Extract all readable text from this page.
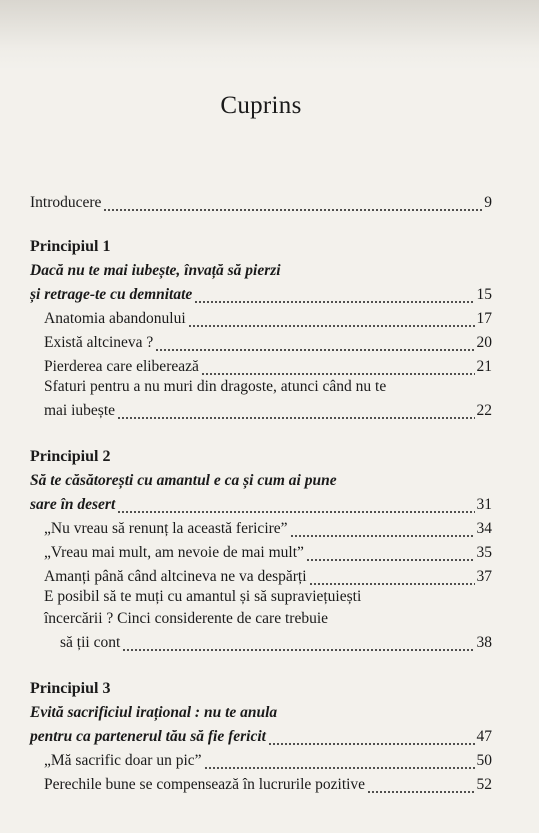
Cuprins
Introducere	9
Principiul 1
Dacă nu te mai iubește, învață să pierzi
și retrage-te cu demnitate	15
Anatomia abandonului	17
Există altcineva ?	20
Pierderea care eliberează	21
Sfaturi pentru a nu muri din dragoste, atunci când nu te
mai iubește	22
Principiul 2
Să te căsătorești cu amantul e ca și cum ai pune
sare în desert	31
„Nu vreau să renunț la această fericire”	34
„Vreau mai mult, am nevoie de mai mult”	35
Amanți până când altcineva ne va despărți	37
E posibil să te muți cu amantul și să supraviețuiești
încercării ? Cinci considerente de care trebuie
să ții cont	38
Principiul 3
Evită sacrificiul irațional : nu te anula
pentru ca partenerul tău să fie fericit	47
„Mă sacrific doar un pic”	50
Perechile bune se compensează în lucrurile pozitive	52
